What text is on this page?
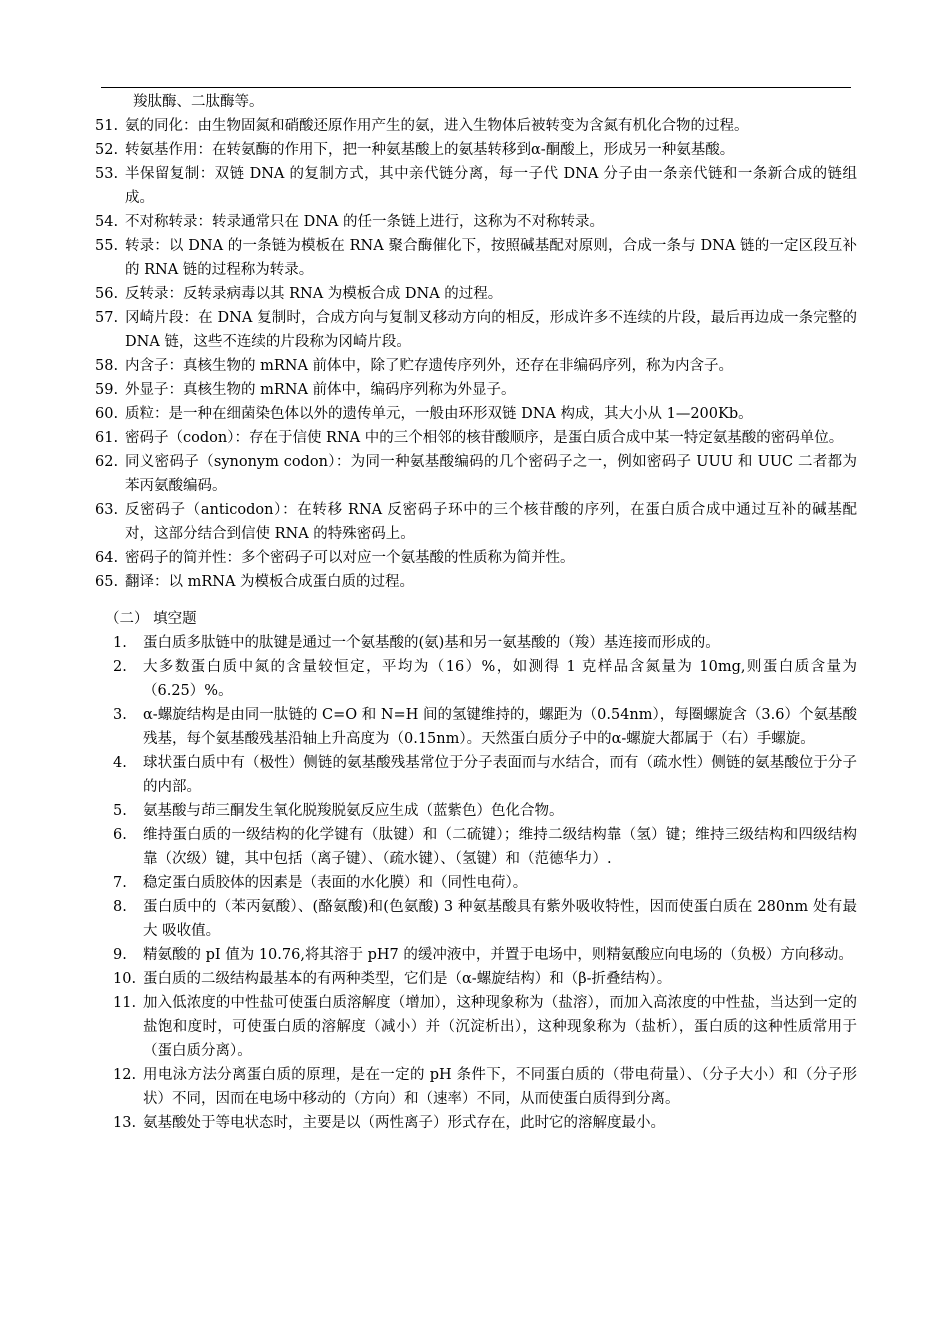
羧肽酶、二肽酶等。
51. 氨的同化：由生物固氮和硝酸还原作用产生的氨，进入生物体后被转变为含氮有机化合物的过程。
52. 转氨基作用：在转氨酶的作用下，把一种氨基酸上的氨基转移到α-酮酸上，形成另一种氨基酸。
53. 半保留复制：双链 DNA 的复制方式，其中亲代链分离，每一子代 DNA 分子由一条亲代链和一条新合成的链组成。
54. 不对称转录：转录通常只在 DNA 的任一条链上进行，这称为不对称转录。
55. 转录：以 DNA 的一条链为模板在 RNA 聚合酶催化下，按照碱基配对原则，合成一条与 DNA 链的一定区段互补的 RNA 链的过程称为转录。
56. 反转录：反转录病毒以其 RNA 为模板合成 DNA 的过程。
57. 冈崎片段：在 DNA 复制时，合成方向与复制叉移动方向的相反，形成许多不连续的片段，最后再边成一条完整的 DNA 链，这些不连续的片段称为冈崎片段。
58. 内含子：真核生物的 mRNA 前体中，除了贮存遗传序列外，还存在非编码序列，称为内含子。
59. 外显子：真核生物的 mRNA 前体中，编码序列称为外显子。
60. 质粒：是一种在细菌染色体以外的遗传单元，一般由环形双链 DNA 构成，其大小从 1—200Kb。
61. 密码子（codon）：存在于信使 RNA 中的三个相邻的核苷酸顺序，是蛋白质合成中某一特定氨基酸的密码单位。
62. 同义密码子（synonym codon）：为同一种氨基酸编码的几个密码子之一，例如密码子 UUU 和 UUC 二者都为苯丙氨酸编码。
63. 反密码子（anticodon）：在转移 RNA 反密码子环中的三个核苷酸的序列，在蛋白质合成中通过互补的碱基配对，这部分结合到信使 RNA 的特殊密码上。
64. 密码子的简并性：多个密码子可以对应一个氨基酸的性质称为简并性。
65. 翻译：以 mRNA 为模板合成蛋白质的过程。
（二） 填空题
1.	蛋白质多肽链中的肽键是通过一个氨基酸的(氨)基和另一氨基酸的（羧）基连接而形成的。
2.	大多数蛋白质中氮的含量较恒定，平均为（16）%，如测得 1 克样品含氮量为 10mg,则蛋白质含量为（6.25）%。
3.	α-螺旋结构是由同一肽链的 C=O 和 N=H 间的氢键维持的，螺距为（0.54nm），每圈螺旋含（3.6）个氨基酸残基，每个氨基酸残基沿轴上升高度为（0.15nm）。天然蛋白质分子中的α-螺旋大都属于（右）手螺旋。
4.	球状蛋白质中有（极性）侧链的氨基酸残基常位于分子表面而与水结合，而有（疏水性）侧链的氨基酸位于分子的内部。
5.	氨基酸与茚三酮发生氧化脱羧脱氨反应生成（蓝紫色）色化合物。
6.	维持蛋白质的一级结构的化学键有（肽键）和（二硫键）；维持二级结构靠（氢）键；维持三级结构和四级结构靠（次级）键，其中包括（离子键）、（疏水键）、（氢键）和（范德华力）.
7.	稳定蛋白质胶体的因素是（表面的水化膜）和（同性电荷）。
8.	蛋白质中的（苯丙氨酸）、(酪氨酸)和(色氨酸) 3 种氨基酸具有紫外吸收特性，因而使蛋白质在 280nm 处有最大 吸收值。
9.	精氨酸的 pI 值为 10.76,将其溶于 pH7 的缓冲液中，并置于电场中，则精氨酸应向电场的（负极）方向移动。
10. 蛋白质的二级结构最基本的有两种类型，它们是（α-螺旋结构）和（β-折叠结构）。
11. 加入低浓度的中性盐可使蛋白质溶解度（增加），这种现象称为（盐溶），而加入高浓度的中性盐，当达到一定的盐饱和度时，可使蛋白质的溶解度（减小）并（沉淀析出），这种现象称为（盐析），蛋白质的这种性质常用于（蛋白质分离）。
12. 用电泳方法分离蛋白质的原理，是在一定的 pH 条件下，不同蛋白质的（带电荷量）、（分子大小）和（分子形状）不同，因而在电场中移动的（方向）和（速率）不同，从而使蛋白质得到分离。
13. 氨基酸处于等电状态时，主要是以（两性离子）形式存在，此时它的溶解度最小。
